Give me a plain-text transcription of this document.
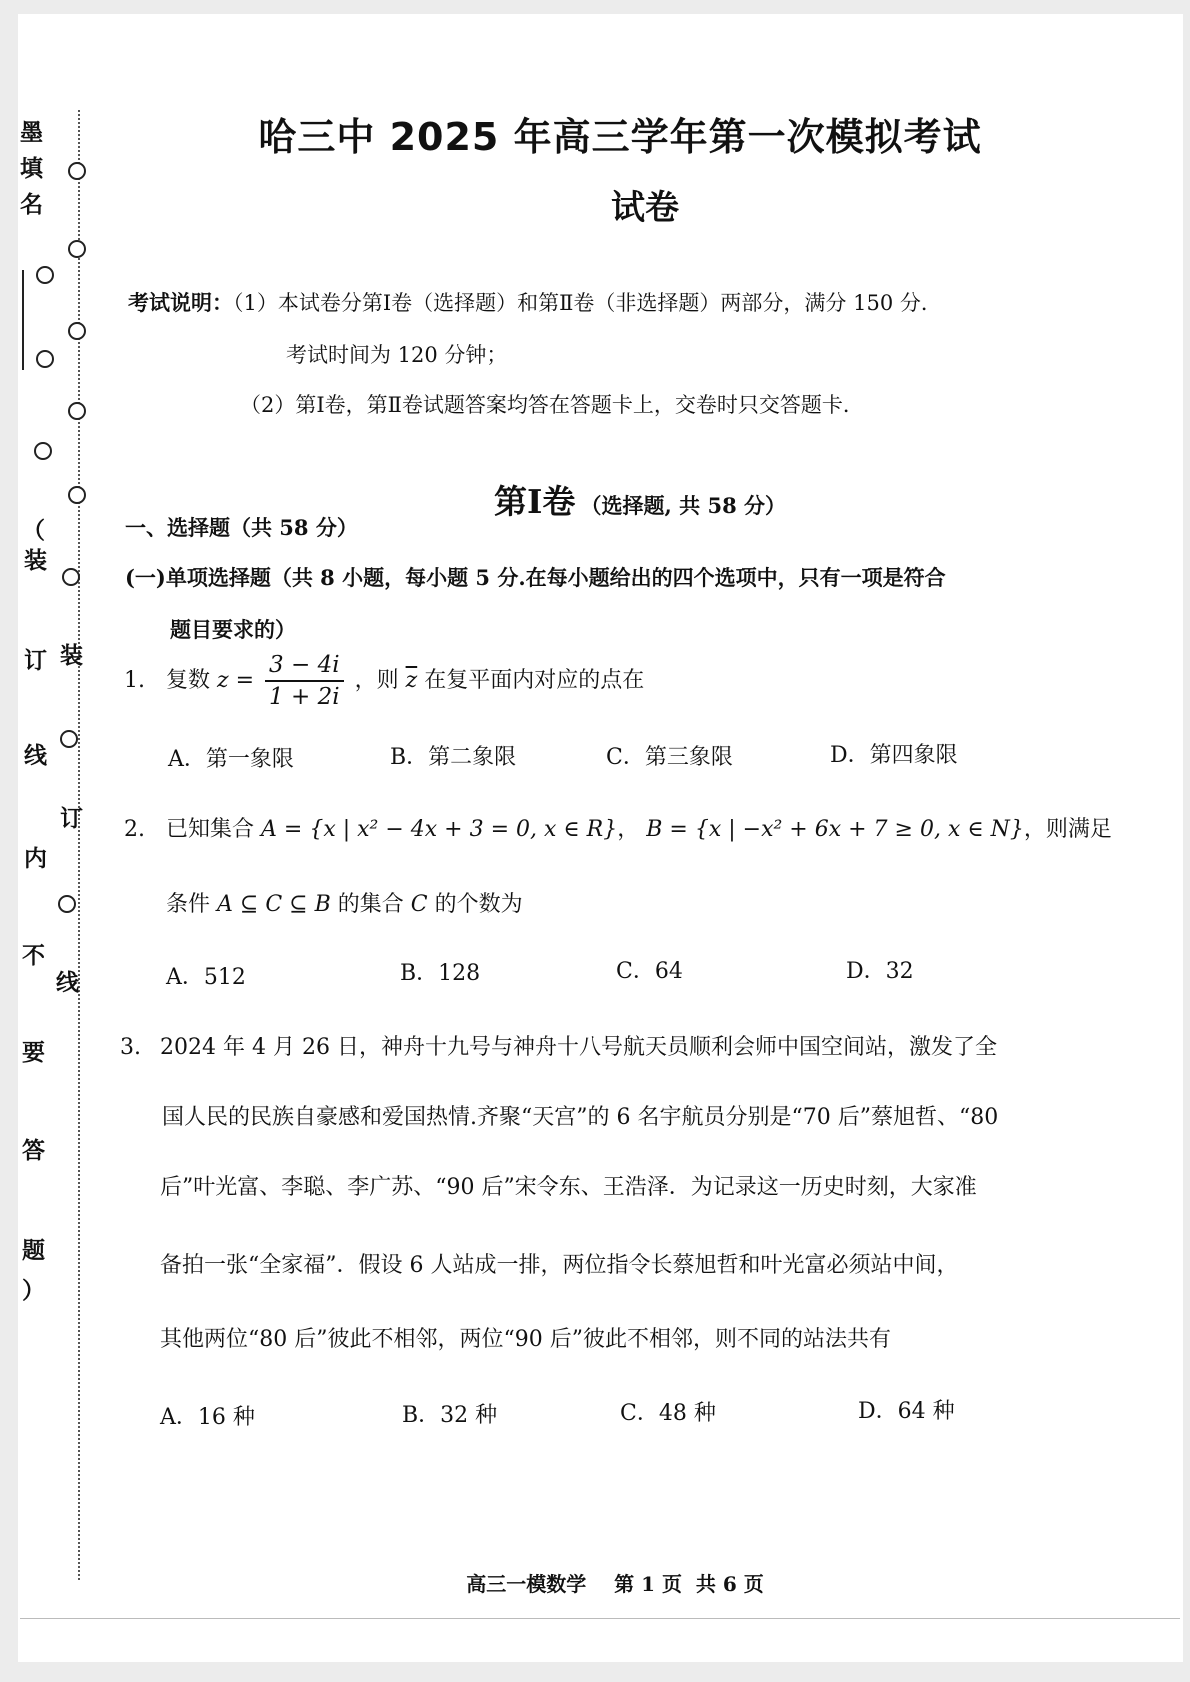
墨
填
名
（
装
订
线
内
不
要
答
题
）
装
订
线
哈三中 2025 年高三学年第一次模拟考试
试卷
考试说明：（1）本试卷分第Ⅰ卷（选择题）和第Ⅱ卷（非选择题）两部分，满分 150 分．
考试时间为 120 分钟；
（2）第Ⅰ卷，第Ⅱ卷试题答案均答在答题卡上，交卷时只交答题卡．
第Ⅰ卷 （选择题, 共 58 分）
一、选择题（共 58 分）
(一)单项选择题（共 8 小题，每小题 5 分.在每小题给出的四个选项中，只有一项是符合
题目要求的）
1. 复数 $z = \frac{3 - 4i}{1 + 2i}$ ，则 $\overline{z}$ 在复平面内对应的点在
A．第一象限	B．第二象限	C．第三象限	D．第四象限
2. 已知集合 A = {x | x² − 4x + 3 = 0, x ∈ R}， B = {x | −x² + 6x + 7 ≥ 0, x ∈ N}，则满足
条件 A ⊆ C ⊆ B 的集合 C 的个数为
A．512	B．128	C．64	D．32
3. 2024 年 4 月 26 日，神舟十九号与神舟十八号航天员顺利会师中国空间站，激发了全
国人民的民族自豪感和爱国热情.齐聚“天宫”的 6 名宇航员分别是“70 后”蔡旭哲、“80
后”叶光富、李聪、李广苏、“90 后”宋令东、王浩泽．为记录这一历史时刻，大家准
备拍一张“全家福”．假设 6 人站成一排，两位指令长蔡旭哲和叶光富必须站中间，
其他两位“80 后”彼此不相邻，两位“90 后”彼此不相邻，则不同的站法共有
A．16 种	B．32 种	C．48 种	D．64 种
高三一模数学    第 1 页  共 6 页
